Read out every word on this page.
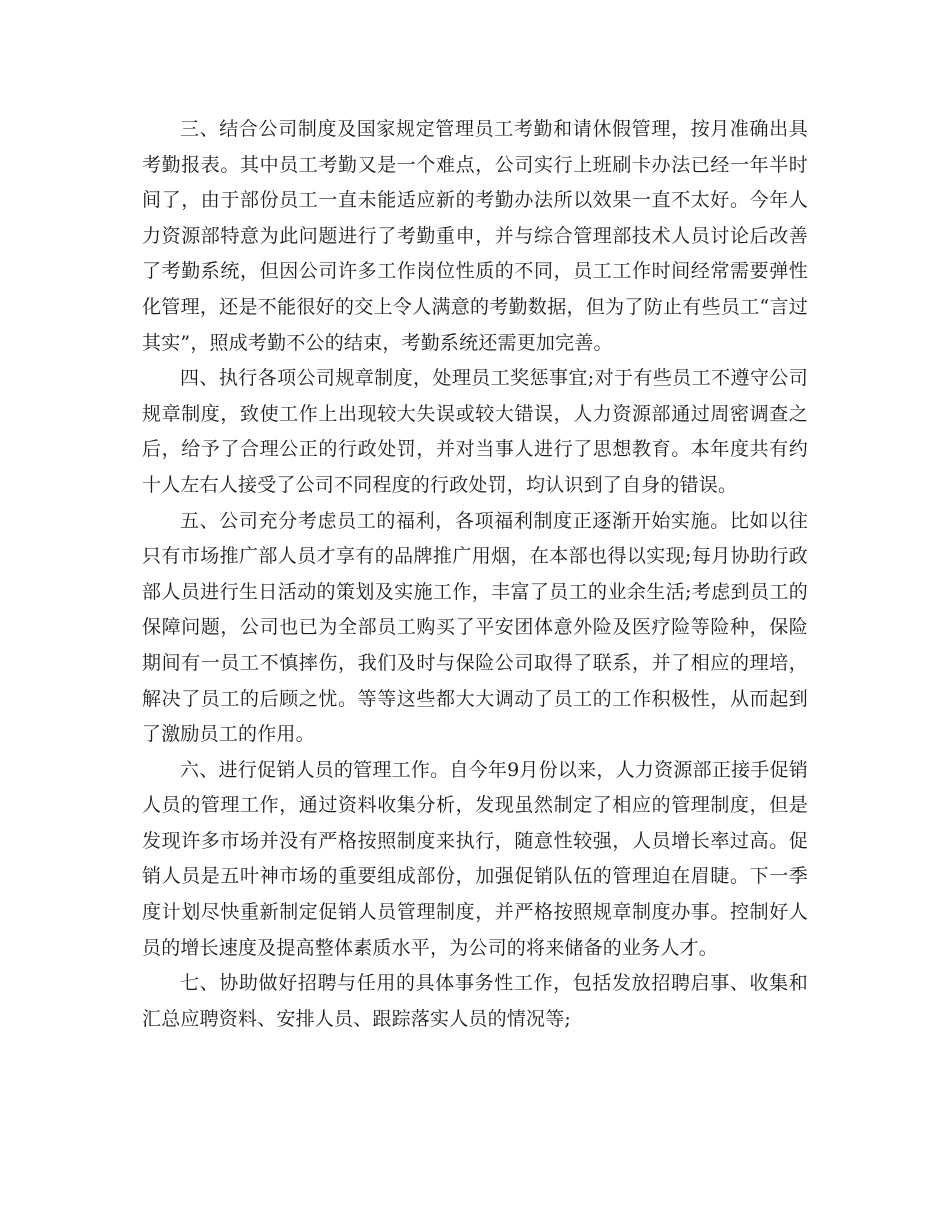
三、结合公司制度及国家规定管理员工考勤和请休假管理，按月准确出具考勤报表。其中员工考勤又是一个难点，公司实行上班刷卡办法已经一年半时间了，由于部份员工一直未能适应新的考勤办法所以效果一直不太好。今年人力资源部特意为此问题进行了考勤重申，并与综合管理部技术人员讨论后改善了考勤系统，但因公司许多工作岗位性质的不同，员工工作时间经常需要弹性化管理，还是不能很好的交上令人满意的考勤数据，但为了防止有些员工“言过其实”，照成考勤不公的结束，考勤系统还需更加完善。

四、执行各项公司规章制度，处理员工奖惩事宜;对于有些员工不遵守公司规章制度，致使工作上出现较大失误或较大错误，人力资源部通过周密调查之后，给予了合理公正的行政处罚，并对当事人进行了思想教育。本年度共有约十人左右人接受了公司不同程度的行政处罚，均认识到了自身的错误。

五、公司充分考虑员工的福利，各项福利制度正逐渐开始实施。比如以往只有市场推广部人员才享有的品牌推广用烟，在本部也得以实现;每月协助行政部人员进行生日活动的策划及实施工作，丰富了员工的业余生活;考虑到员工的保障问题，公司也已为全部员工购买了平安团体意外险及医疗险等险种，保险期间有一员工不慎摔伤，我们及时与保险公司取得了联系，并了相应的理培，解决了员工的后顾之忧。等等这些都大大调动了员工的工作积极性，从而起到了激励员工的作用。

六、进行促销人员的管理工作。自今年9月份以来，人力资源部正接手促销人员的管理工作，通过资料收集分析，发现虽然制定了相应的管理制度，但是发现许多市场并没有严格按照制度来执行，随意性较强，人员增长率过高。促销人员是五叶神市场的重要组成部份，加强促销队伍的管理迫在眉睫。下一季度计划尽快重新制定促销人员管理制度，并严格按照规章制度办事。控制好人员的增长速度及提高整体素质水平，为公司的将来储备的业务人才。

七、协助做好招聘与任用的具体事务性工作，包括发放招聘启事、收集和汇总应聘资料、安排人员、跟踪落实人员的情况等;
